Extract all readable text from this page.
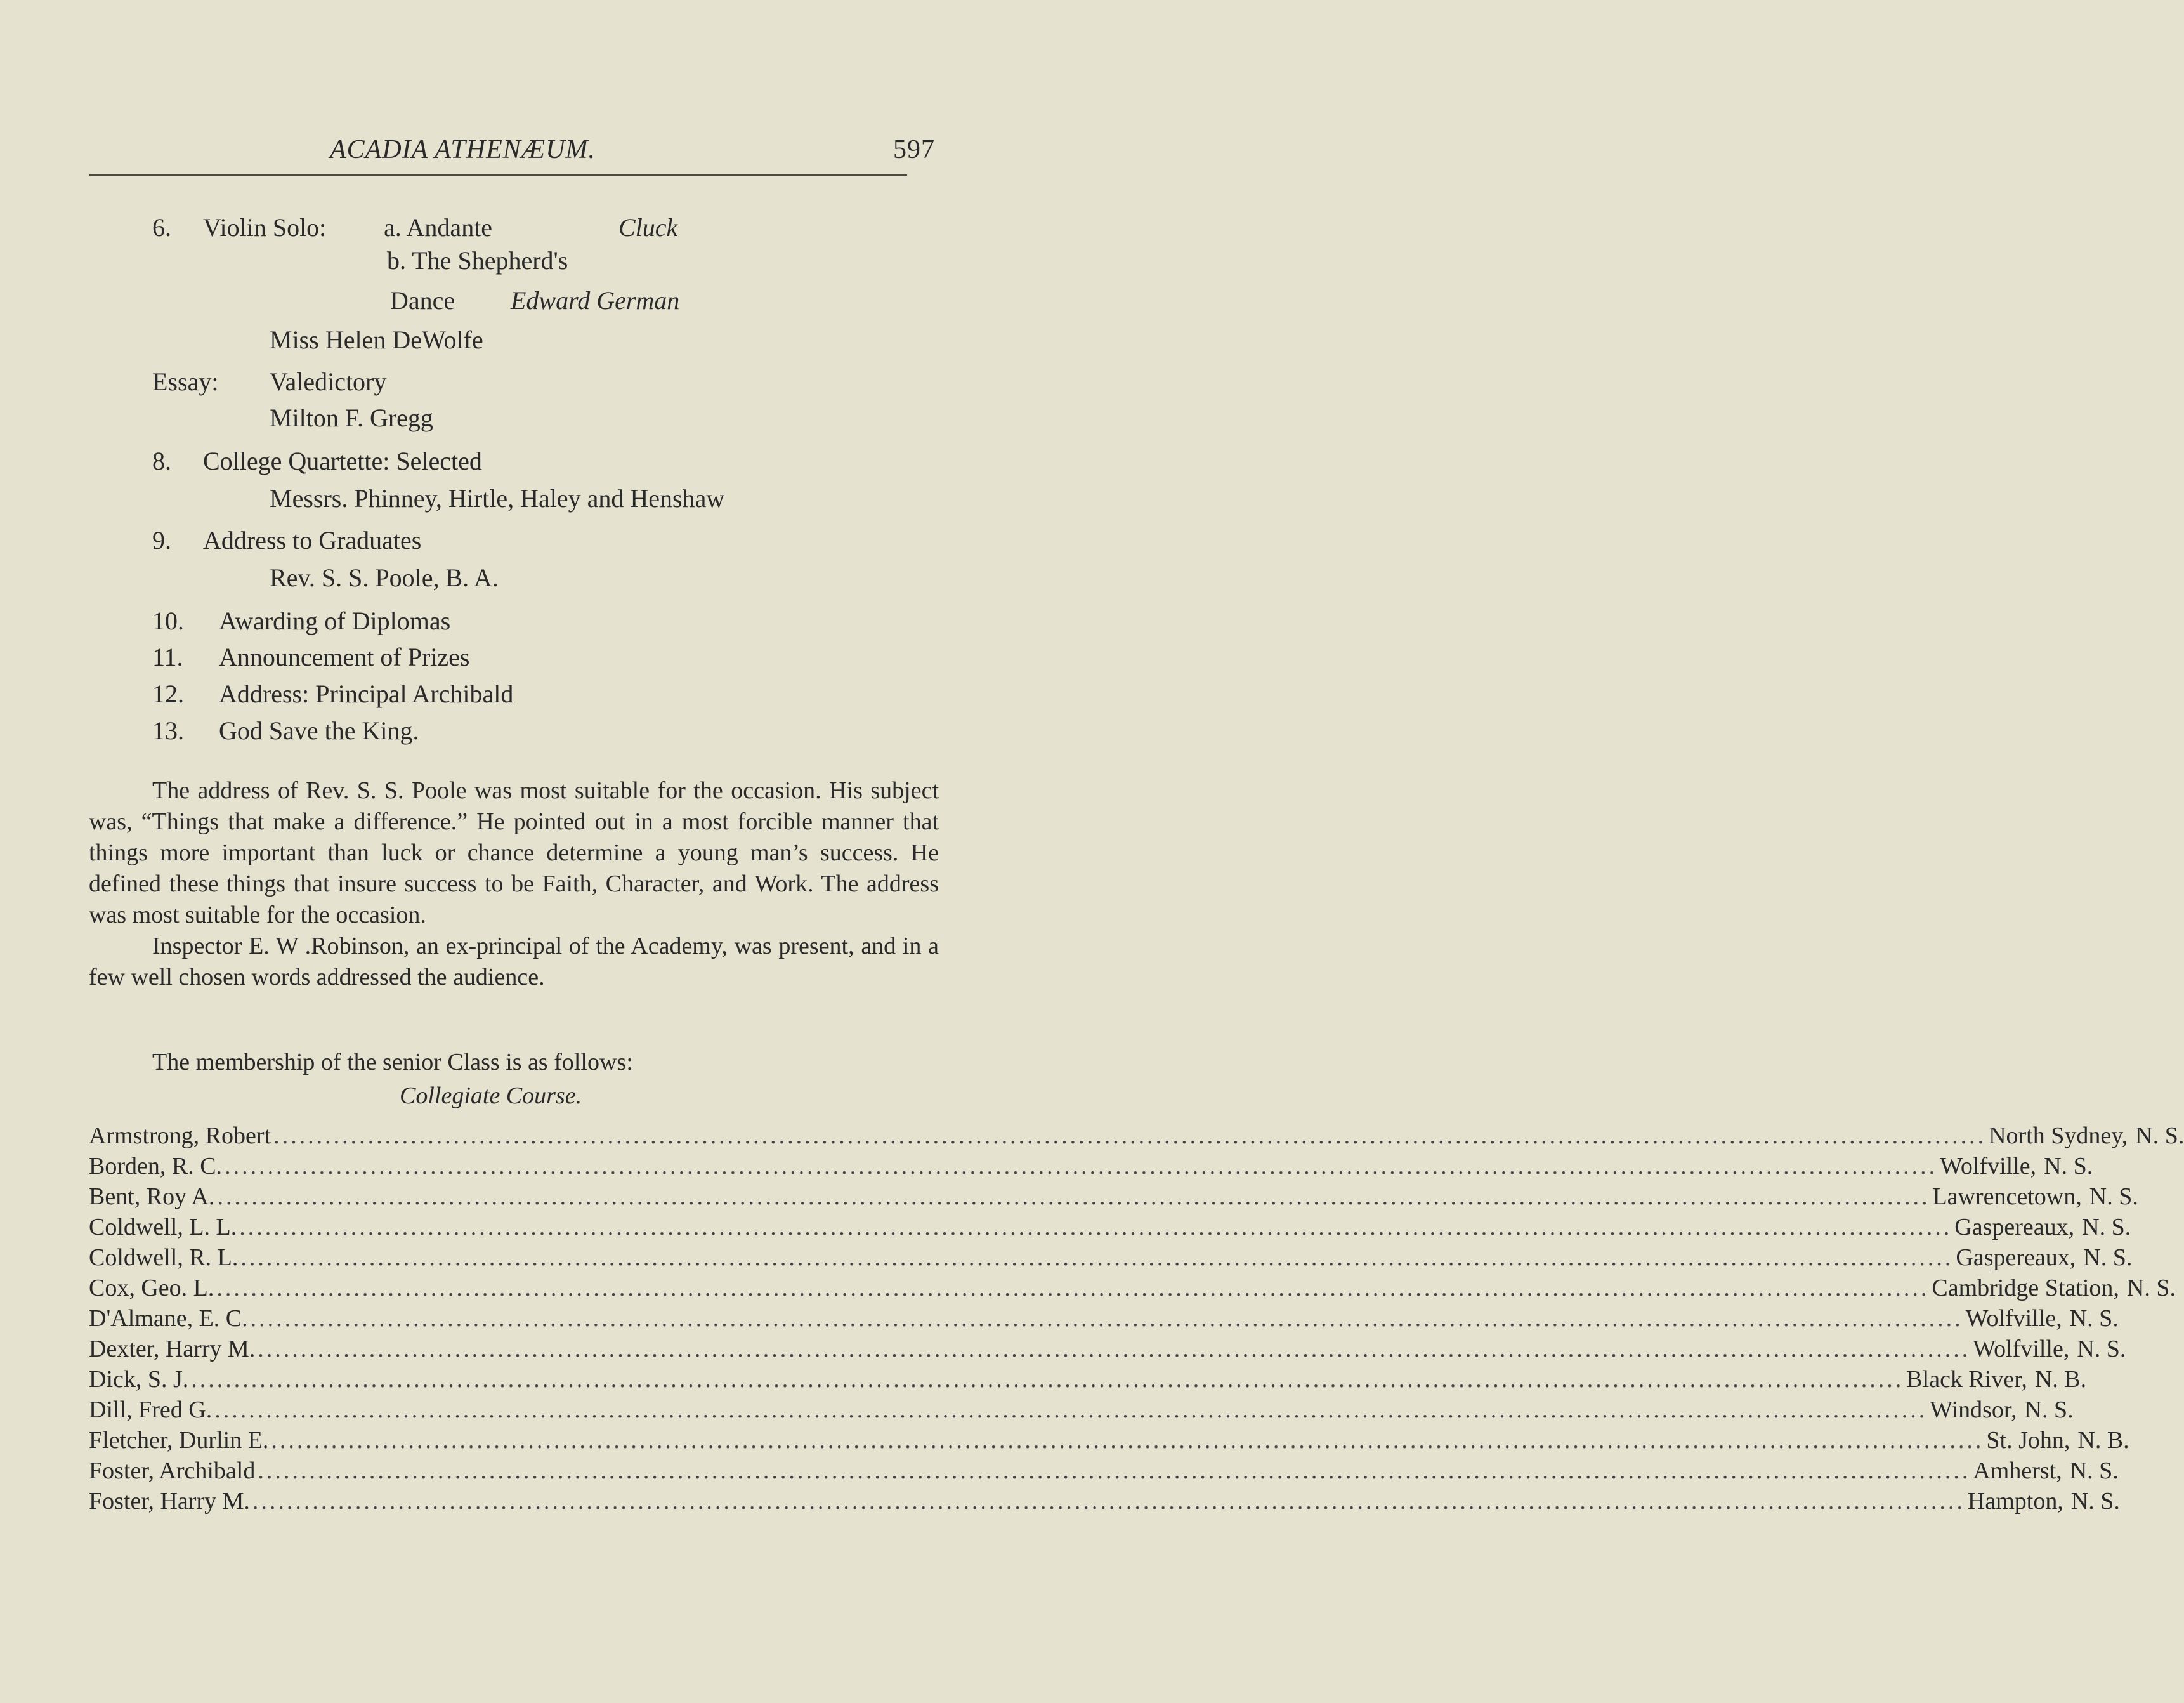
ACADIA ATHENÆUM.	597
6. Violin Solo: a. Andante	Cluck
b. The Shepherd's
Dance Edward German
Miss Helen DeWolfe
Essay: Valedictory
Milton F. Gregg
8. College Quartette: Selected
Messrs. Phinney, Hirtle, Haley and Henshaw
9. Address to Graduates
Rev. S. S. Poole, B. A.
10. Awarding of Diplomas
11. Announcement of Prizes
12. Address: Principal Archibald
13. God Save the King.

The address of Rev. S. S. Poole was most suitable for the occasion. His subject was, “Things that make a difference.” He pointed out in a most forcible manner that things more important than luck or chance determine a young man’s success. He defined these things that insure success to be Faith, Character, and Work. The address was most suitable for the occasion.

Inspector E. W .Robinson, an ex-principal of the Academy, was present, and in a few well chosen words addressed the audience.

The membership of the senior Class is as follows:
Collegiate Course.
Armstrong, Robert ........................................................................................................................................................................................................ North Sydney, N. S.
Borden, R. C. ........................................................................................................................................................................................................ Wolfville, N. S.
Bent, Roy A. ........................................................................................................................................................................................................ Lawrencetown, N. S.
Coldwell, L. L. ........................................................................................................................................................................................................ Gaspereaux, N. S.
Coldwell, R. L. ........................................................................................................................................................................................................ Gaspereaux, N. S.
Cox, Geo. L. ........................................................................................................................................................................................................ Cambridge Station, N. S.
D'Almane, E. C. ........................................................................................................................................................................................................ Wolfville, N. S.
Dexter, Harry M. ........................................................................................................................................................................................................ Wolfville, N. S.
Dick, S. J. ........................................................................................................................................................................................................ Black River, N. B.
Dill, Fred G. ........................................................................................................................................................................................................ Windsor, N. S.
Fletcher, Durlin E. ........................................................................................................................................................................................................ St. John, N. B.
Foster, Archibald ........................................................................................................................................................................................................ Amherst, N. S.
Foster, Harry M. ........................................................................................................................................................................................................ Hampton, N. S.
